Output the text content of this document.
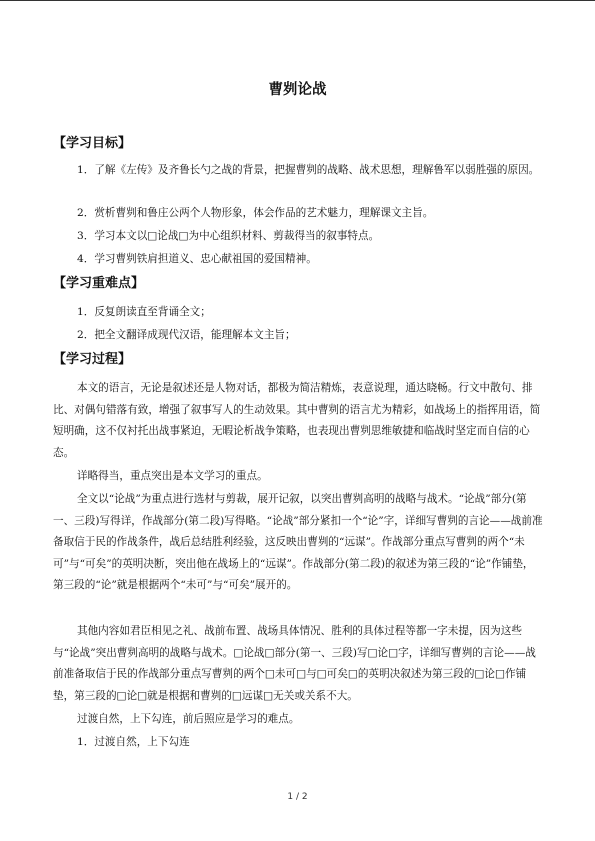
曹刿论战
【学习目标】

1．了解《左传》及齐鲁长勺之战的背景，把握曹刿的战略、战术思想，理解鲁军以弱胜强的原因。

2．赏析曹刿和鲁庄公两个人物形象，体会作品的艺术魅力，理解课文主旨。

3．学习本文以□论战□为中心组织材料、剪裁得当的叙事特点。

4．学习曹刿铁肩担道义、忠心献祖国的爱国精神。

【学习重难点】

1．反复朗读直至背诵全文；

2．把全文翻译成现代汉语，能理解本文主旨；

【学习过程】

本文的语言，无论是叙述还是人物对话，都极为简洁精炼，表意说理，通达晓畅。行文中散句、排比、对偶句错落有致，增强了叙事写人的生动效果。其中曹刿的语言尤为精彩，如战场上的指挥用语，简短明确，这不仅衬托出战事紧迫，无暇论析战争策略，也表现出曹刿思维敏捷和临战时坚定而自信的心态。

详略得当，重点突出是本文学习的重点。

全文以“论战”为重点进行选材与剪裁，展开记叙，以突出曹刿高明的战略与战术。“论战”部分(第一、三段)写得详，作战部分(第二段)写得略。“论战”部分紧扣一个“论”字，详细写曹刿的言论——战前准备取信于民的作战条件，战后总结胜利经验，这反映出曹刿的“远谋”。作战部分重点写曹刿的两个“未可”与“可矣”的英明决断，突出他在战场上的“远谋”。作战部分(第二段)的叙述为第三段的“论”作铺垫，第三段的“论”就是根据两个“未可”与“可矣”展开的。

其他内容如君臣相见之礼、战前布置、战场具体情况、胜利的具体过程等都一字未提，因为这些与“论战”突出曹刿高明的战略与战术。□论战□部分(第一、三段)写□论□字，详细写曹刿的言论——战前准备取信于民的作战部分重点写曹刿的两个□未可□与□可矣□的英明决叙述为第三段的□论□作铺垫，第三段的□论□就是根据和曹刿的□远谋□无关或关系不大。

过渡自然，上下勾连，前后照应是学习的难点。

1．过渡自然，上下勾连

1 / 2
